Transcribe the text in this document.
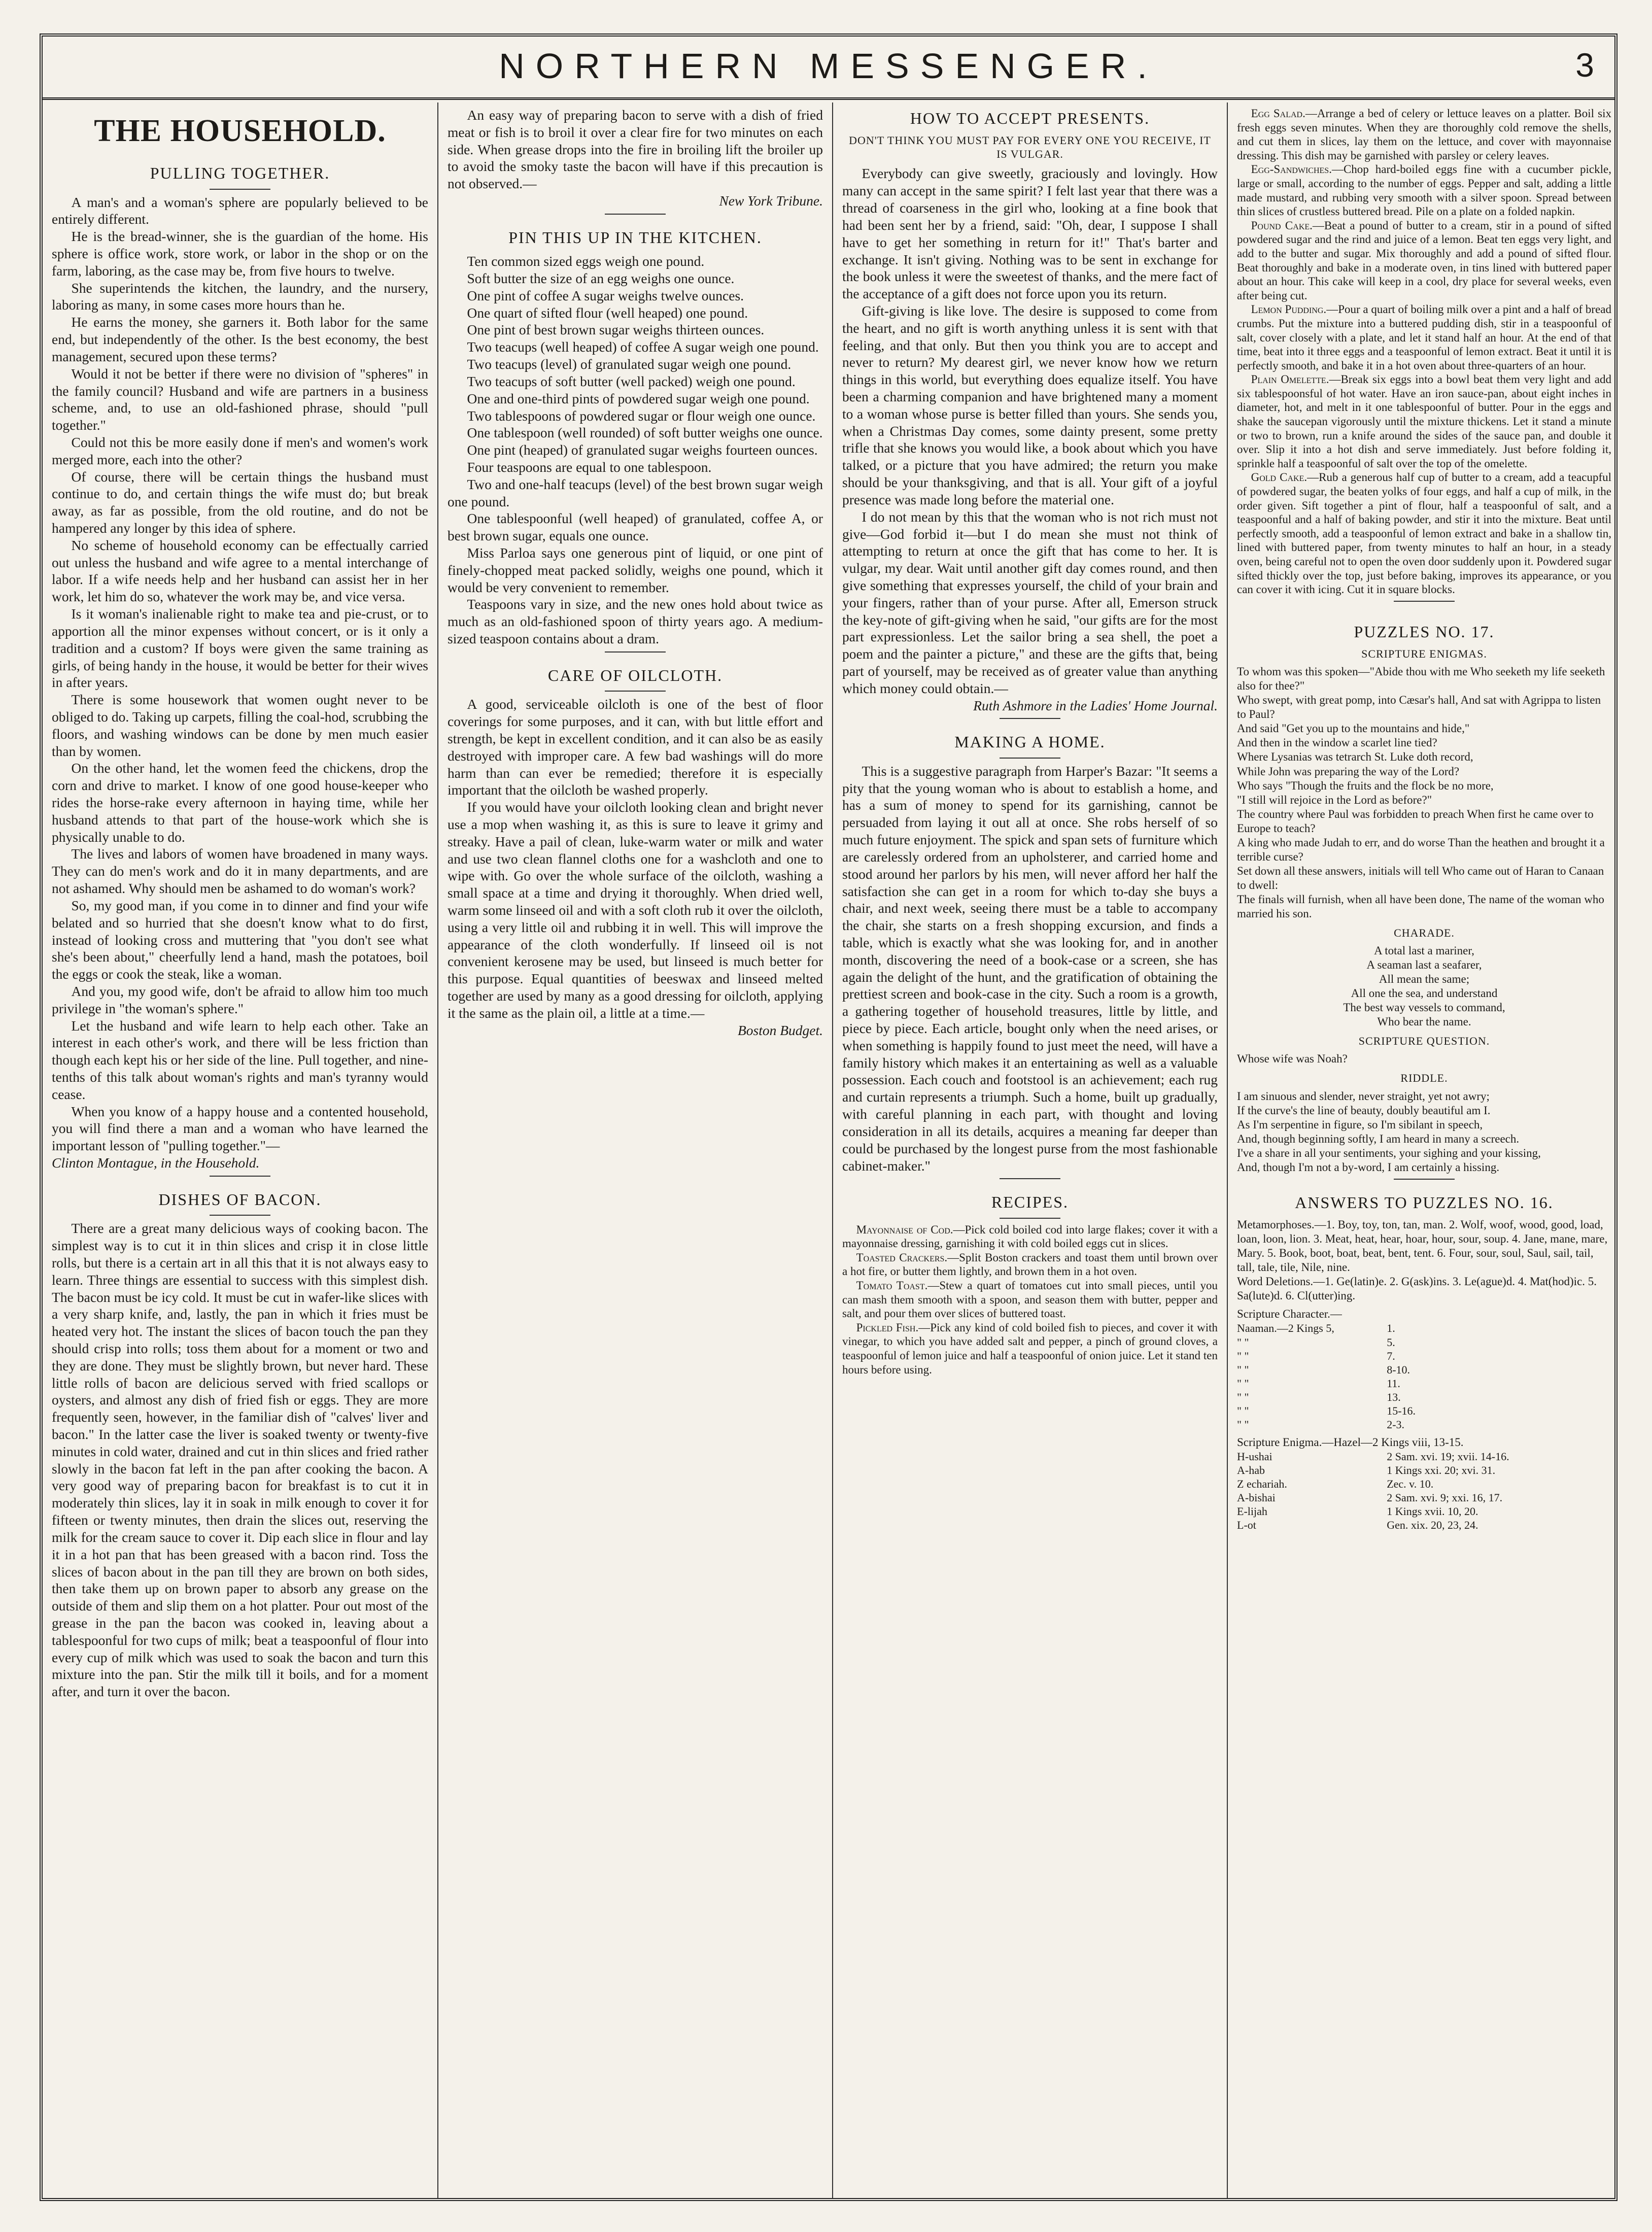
NORTHERN MESSENGER.	3
THE HOUSEHOLD.
PULLING TOGETHER.

A man's and a woman's sphere are popularly believed to be entirely different.

He is the bread-winner, she is the guardian of the home. His sphere is office work, store work, or labor in the shop or on the farm, laboring, as the case may be, from five hours to twelve.

She superintends the kitchen, the laundry, and the nursery, laboring as many, in some cases more hours than he.

He earns the money, she garners it. Both labor for the same end, but independently of the other. Is the best economy, the best management, secured upon these terms?

Would it not be better if there were no division of "spheres" in the family council? Husband and wife are partners in a business scheme, and, to use an old-fashioned phrase, should "pull together."

Could not this be more easily done if men's and women's work merged more, each into the other?

Of course, there will be certain things the husband must continue to do, and certain things the wife must do; but break away, as far as possible, from the old routine, and do not be hampered any longer by this idea of sphere.

No scheme of household economy can be effectually carried out unless the husband and wife agree to a mental interchange of labor. If a wife needs help and her husband can assist her in her work, let him do so, whatever the work may be, and vice versa.

Is it woman's inalienable right to make tea and pie-crust, or to apportion all the minor expenses without concert, or is it only a tradition and a custom? If boys were given the same training as girls, of being handy in the house, it would be better for their wives in after years.

There is some housework that women ought never to be obliged to do. Taking up carpets, filling the coal-hod, scrubbing the floors, and washing windows can be done by men much easier than by women.

On the other hand, let the women feed the chickens, drop the corn and drive to market. I know of one good house-keeper who rides the horse-rake every afternoon in haying time, while her husband attends to that part of the house-work which she is physically unable to do.

The lives and labors of women have broadened in many ways. They can do men's work and do it in many departments, and are not ashamed. Why should men be ashamed to do woman's work?

So, my good man, if you come in to dinner and find your wife belated and so hurried that she doesn't know what to do first, instead of looking cross and muttering that "you don't see what she's been about," cheerfully lend a hand, mash the potatoes, boil the eggs or cook the steak, like a woman.

And you, my good wife, don't be afraid to allow him too much privilege in "the woman's sphere."

Let the husband and wife learn to help each other. Take an interest in each other's work, and there will be less friction than though each kept his or her side of the line. Pull together, and nine-tenths of this talk about woman's rights and man's tyranny would cease.

When you know of a happy house and a contented household, you will find there a man and a woman who have learned the important lesson of "pulling together."—

Clinton Montague, in the Household.

DISHES OF BACON.

There are a great many delicious ways of cooking bacon. The simplest way is to cut it in thin slices and crisp it in close little rolls, but there is a certain art in all this that it is not always easy to learn. Three things are essential to success with this simplest dish. The bacon must be icy cold. It must be cut in wafer-like slices with a very sharp knife, and, lastly, the pan in which it fries must be heated very hot. The instant the slices of bacon touch the pan they should crisp into rolls; toss them about for a moment or two and they are done. They must be slightly brown, but never hard. These little rolls of bacon are delicious served with fried scallops or oysters, and almost any dish of fried fish or eggs. They are more frequently seen, however, in the familiar dish of "calves' liver and bacon." In the latter case the liver is soaked twenty or twenty-five minutes in cold water, drained and cut in thin slices and fried rather slowly in the bacon fat left in the pan after cooking the bacon. A very good way of preparing bacon for breakfast is to cut it in moderately thin slices, lay it in soak in milk enough to cover it for fifteen or twenty minutes, then drain the slices out, reserving the milk for the cream sauce to cover it. Dip each slice in flour and lay it in a hot pan that has been greased with a bacon rind. Toss the slices of bacon about in the pan till they are brown on both sides, then take them up on brown paper to absorb any grease on the outside of them and slip them on a hot platter. Pour out most of the grease in the pan the bacon was cooked in, leaving about a tablespoonful for two cups of milk; beat a teaspoonful of flour into every cup of milk which was used to soak the bacon and turn this mixture into the pan. Stir the milk till it boils, and for a moment after, and turn it over the bacon.

An easy way of preparing bacon to serve with a dish of fried meat or fish is to broil it over a clear fire for two minutes on each side. When grease drops into the fire in broiling lift the broiler up to avoid the smoky taste the bacon will have if this precaution is not observed.—

New York Tribune.

PIN THIS UP IN THE KITCHEN.

Ten common sized eggs weigh one pound.

Soft butter the size of an egg weighs one ounce.

One pint of coffee A sugar weighs twelve ounces.

One quart of sifted flour (well heaped) one pound.

One pint of best brown sugar weighs thirteen ounces.

Two teacups (well heaped) of coffee A sugar weigh one pound.

Two teacups (level) of granulated sugar weigh one pound.

Two teacups of soft butter (well packed) weigh one pound.

One and one-third pints of powdered sugar weigh one pound.

Two tablespoons of powdered sugar or flour weigh one ounce.

One tablespoon (well rounded) of soft butter weighs one ounce.

One pint (heaped) of granulated sugar weighs fourteen ounces.

Four teaspoons are equal to one tablespoon.

Two and one-half teacups (level) of the best brown sugar weigh one pound.

One tablespoonful (well heaped) of granulated, coffee A, or best brown sugar, equals one ounce.

Miss Parloa says one generous pint of liquid, or one pint of finely-chopped meat packed solidly, weighs one pound, which it would be very convenient to remember.

Teaspoons vary in size, and the new ones hold about twice as much as an old-fashioned spoon of thirty years ago. A medium-sized teaspoon contains about a dram.

CARE OF OILCLOTH.

A good, serviceable oilcloth is one of the best of floor coverings for some purposes, and it can, with but little effort and strength, be kept in excellent condition, and it can also be as easily destroyed with improper care. A few bad washings will do more harm than can ever be remedied; therefore it is especially important that the oilcloth be washed properly.

If you would have your oilcloth looking clean and bright never use a mop when washing it, as this is sure to leave it grimy and streaky. Have a pail of clean, luke-warm water or milk and water and use two clean flannel cloths one for a washcloth and one to wipe with. Go over the whole surface of the oilcloth, washing a small space at a time and drying it thoroughly. When dried well, warm some linseed oil and with a soft cloth rub it over the oilcloth, using a very little oil and rubbing it in well. This will improve the appearance of the cloth wonderfully. If linseed oil is not convenient kerosene may be used, but linseed is much better for this purpose. Equal quantities of beeswax and linseed melted together are used by many as a good dressing for oilcloth, applying it the same as the plain oil, a little at a time.—

Boston Budget.

HOW TO ACCEPT PRESENTS.
DON'T THINK YOU MUST PAY FOR EVERY ONE YOU RECEIVE, IT IS VULGAR.

Everybody can give sweetly, graciously and lovingly. How many can accept in the same spirit? I felt last year that there was a thread of coarseness in the girl who, looking at a fine book that had been sent her by a friend, said: "Oh, dear, I suppose I shall have to get her something in return for it!" That's barter and exchange. It isn't giving. Nothing was to be sent in exchange for the book unless it were the sweetest of thanks, and the mere fact of the acceptance of a gift does not force upon you its return.

Gift-giving is like love. The desire is supposed to come from the heart, and no gift is worth anything unless it is sent with that feeling, and that only. But then you think you are to accept and never to return? My dearest girl, we never know how we return things in this world, but everything does equalize itself. You have been a charming companion and have brightened many a moment to a woman whose purse is better filled than yours. She sends you, when a Christmas Day comes, some dainty present, some pretty trifle that she knows you would like, a book about which you have talked, or a picture that you have admired; the return you make should be your thanksgiving, and that is all. Your gift of a joyful presence was made long before the material one.

I do not mean by this that the woman who is not rich must not give—God forbid it—but I do mean she must not think of attempting to return at once the gift that has come to her. It is vulgar, my dear. Wait until another gift day comes round, and then give something that expresses yourself, the child of your brain and your fingers, rather than of your purse. After all, Emerson struck the key-note of gift-giving when he said, "our gifts are for the most part expressionless. Let the sailor bring a sea shell, the poet a poem and the painter a picture," and these are the gifts that, being part of yourself, may be received as of greater value than anything which money could obtain.—

Ruth Ashmore in the Ladies' Home Journal.

MAKING A HOME.

This is a suggestive paragraph from Harper's Bazar: "It seems a pity that the young woman who is about to establish a home, and has a sum of money to spend for its garnishing, cannot be persuaded from laying it out all at once. She robs herself of so much future enjoyment. The spick and span sets of furniture which are carelessly ordered from an upholsterer, and carried home and stood around her parlors by his men, will never afford her half the satisfaction she can get in a room for which to-day she buys a chair, and next week, seeing there must be a table to accompany the chair, she starts on a fresh shopping excursion, and finds a table, which is exactly what she was looking for, and in another month, discovering the need of a book-case or a screen, she has again the delight of the hunt, and the gratification of obtaining the prettiest screen and book-case in the city. Such a room is a growth, a gathering together of household treasures, little by little, and piece by piece. Each article, bought only when the need arises, or when something is happily found to just meet the need, will have a family history which makes it an entertaining as well as a valuable possession. Each couch and footstool is an achievement; each rug and curtain represents a triumph. Such a home, built up gradually, with careful planning in each part, with thought and loving consideration in all its details, acquires a meaning far deeper than could be purchased by the longest purse from the most fashionable cabinet-maker."

RECIPES.

Mayonnaise of Cod.—Pick cold boiled cod into large flakes; cover it with a mayonnaise dressing, garnishing it with cold boiled eggs cut in slices.

Toasted Crackers.—Split Boston crackers and toast them until brown over a hot fire, or butter them lightly, and brown them in a hot oven.

Tomato Toast.—Stew a quart of tomatoes cut into small pieces, until you can mash them smooth with a spoon, and season them with butter, pepper and salt, and pour them over slices of buttered toast.

Pickled Fish.—Pick any kind of cold boiled fish to pieces, and cover it with vinegar, to which you have added salt and pepper, a pinch of ground cloves, a teaspoonful of lemon juice and half a teaspoonful of onion juice. Let it stand ten hours before using.

Egg Salad.—Arrange a bed of celery or lettuce leaves on a platter. Boil six fresh eggs seven minutes. When they are thoroughly cold remove the shells, and cut them in slices, lay them on the lettuce, and cover with mayonnaise dressing. This dish may be garnished with parsley or celery leaves.

Egg-Sandwiches.—Chop hard-boiled eggs fine with a cucumber pickle, large or small, according to the number of eggs. Pepper and salt, adding a little made mustard, and rubbing very smooth with a silver spoon. Spread between thin slices of crustless buttered bread. Pile on a plate on a folded napkin.

Pound Cake.—Beat a pound of butter to a cream, stir in a pound of sifted powdered sugar and the rind and juice of a lemon. Beat ten eggs very light, and add to the butter and sugar. Mix thoroughly and add a pound of sifted flour. Beat thoroughly and bake in a moderate oven, in tins lined with buttered paper about an hour. This cake will keep in a cool, dry place for several weeks, even after being cut.

Lemon Pudding.—Pour a quart of boiling milk over a pint and a half of bread crumbs. Put the mixture into a buttered pudding dish, stir in a teaspoonful of salt, cover closely with a plate, and let it stand half an hour. At the end of that time, beat into it three eggs and a teaspoonful of lemon extract. Beat it until it is perfectly smooth, and bake it in a hot oven about three-quarters of an hour.

Plain Omelette.—Break six eggs into a bowl beat them very light and add six tablespoonsful of hot water. Have an iron sauce-pan, about eight inches in diameter, hot, and melt in it one tablespoonful of butter. Pour in the eggs and shake the saucepan vigorously until the mixture thickens. Let it stand a minute or two to brown, run a knife around the sides of the sauce pan, and double it over. Slip it into a hot dish and serve immediately. Just before folding it, sprinkle half a teaspoonful of salt over the top of the omelette.

Gold Cake.—Rub a generous half cup of butter to a cream, add a teacupful of powdered sugar, the beaten yolks of four eggs, and half a cup of milk, in the order given. Sift together a pint of flour, half a teaspoonful of salt, and a teaspoonful and a half of baking powder, and stir it into the mixture. Beat until perfectly smooth, add a teaspoonful of lemon extract and bake in a shallow tin, lined with buttered paper, from twenty minutes to half an hour, in a steady oven, being careful not to open the oven door suddenly upon it. Powdered sugar sifted thickly over the top, just before baking, improves its appearance, or you can cover it with icing. Cut it in square blocks.

PUZZLES NO. 17.
SCRIPTURE ENIGMAS.
To whom was this spoken—"Abide thou with me Who seeketh my life seeketh also for thee?"
Who swept, with great pomp, into Cæsar's hall, And sat with Agrippa to listen to Paul?
And said "Get you up to the mountains and hide,"
And then in the window a scarlet line tied?
Where Lysanias was tetrarch St. Luke doth record,
While John was preparing the way of the Lord?
Who says "Though the fruits and the flock be no more,
"I still will rejoice in the Lord as before?"
The country where Paul was forbidden to preach When first he came over to Europe to teach?
A king who made Judah to err, and do worse Than the heathen and brought it a terrible curse?
Set down all these answers, initials will tell Who came out of Haran to Canaan to dwell:
The finals will furnish, when all have been done, The name of the woman who married his son.
CHARADE.
A total last a mariner,
A seaman last a seafarer,
All mean the same;
All one the sea, and understand
The best way vessels to command,
Who bear the name.
SCRIPTURE QUESTION.
Whose wife was Noah?
RIDDLE.
I am sinuous and slender, never straight, yet not awry;
If the curve's the line of beauty, doubly beautiful am I.
As I'm serpentine in figure, so I'm sibilant in speech,
And, though beginning softly, I am heard in many a screech.
I've a share in all your sentiments, your sighing and your kissing,
And, though I'm not a by-word, I am certainly a hissing.
ANSWERS TO PUZZLES NO. 16.
Metamorphoses.—1. Boy, toy, ton, tan, man. 2. Wolf, woof, wood, good, load, loan, loon, lion. 3. Meat, heat, hear, hoar, hour, sour, soup. 4. Jane, mane, mare, Mary. 5. Book, boot, boat, beat, bent, tent. 6. Four, sour, soul, Saul, sail, tail, tall, tale, tile, Nile, nine.
Word Deletions.—1. Ge(latin)e. 2. G(ask)ins. 3. Le(ague)d. 4. Mat(hod)ic. 5. Sa(lute)d. 6. Cl(utter)ing.
Scripture Character.—
Naaman.—2 Kings 5,	1.
" "	5.
" "	7.
" "	8-10.
" "	11.
" "	13.
" "	15-16.
" "	2-3.
Scripture Enigma.—Hazel—2 Kings viii, 13-15.
H-ushai	2 Sam. xvi. 19; xvii. 14-16.
A-hab	1 Kings xxi. 20; xvi. 31.
Z echariah.	Zec. v. 10.
A-bishai	2 Sam. xvi. 9; xxi. 16, 17.
E-lijah	1 Kings xvii. 10, 20.
L-ot	Gen. xix. 20, 23, 24.
